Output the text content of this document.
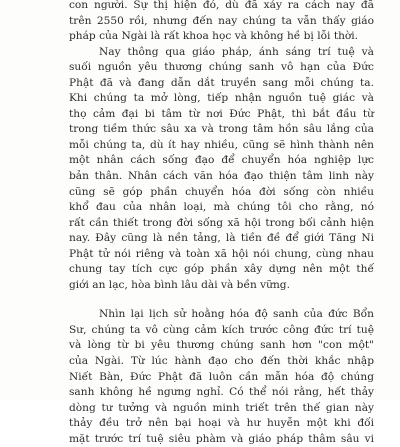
con người. Sự thị hiện đó, dù đã xảy ra cách nay đã
trên 2550 rồi, nhưng đến nay chúng ta vẫn thấy giáo
pháp của Ngài là rất khoa học và không hề bị lỗi thời.

Nay thông qua giáo pháp, ánh sáng trí tuệ và
suối nguồn yêu thương chúng sanh vô hạn của Đức
Phật đã và đang dẫn dắt truyền sang mỗi chúng ta.
Khi chúng ta mở lòng, tiếp nhận nguồn tuệ giác và
thọ cảm đại bi tâm từ nơi Đức Phật, thì bắt đầu từ
trong tiềm thức sâu xa và trong tâm hồn sâu lắng của
mỗi chúng ta, dù ít hay nhiều, cũng sẽ hình thành nên
một nhân cách sống đạo để chuyển hóa nghiệp lực
bản thân. Nhân cách văn hóa đạo thiện tâm linh này
cũng sẽ góp phần chuyển hóa đời sống còn nhiều
khổ đau của nhân loại, mà chúng tôi cho rằng, nó
rất cần thiết trong đời sống xã hội trong bối cảnh hiện
nay. Đây cũng là nền tảng, là tiền đề để giới Tăng Ni
Phật tử nói riêng và toàn xã hội nói chung, cùng nhau
chung tay tích cực góp phần xây dựng nên một thế
giới an lạc, hòa bình lâu dài và bền vững.

Nhìn lại lịch sử hoằng hóa độ sanh của đức Bổn
Sư, chúng ta vô cùng cảm kích trước công đức trí tuệ
và lòng từ bi yêu thương chúng sanh hơn "con một"
của Ngài. Từ lúc hành đạo cho đến thời khắc nhập
Niết Bàn, Đức Phật đã luôn cần mẫn hóa độ chúng
sanh không hề ngưng nghỉ. Có thể nói rằng, hết thảy
dòng tư tưởng và nguồn minh triết trên thế gian này
thảy đều trở nên bại hoại và hư huyễn một khi đối
mặt trước trí tuệ siêu phàm và giáo pháp thâm sâu vi
